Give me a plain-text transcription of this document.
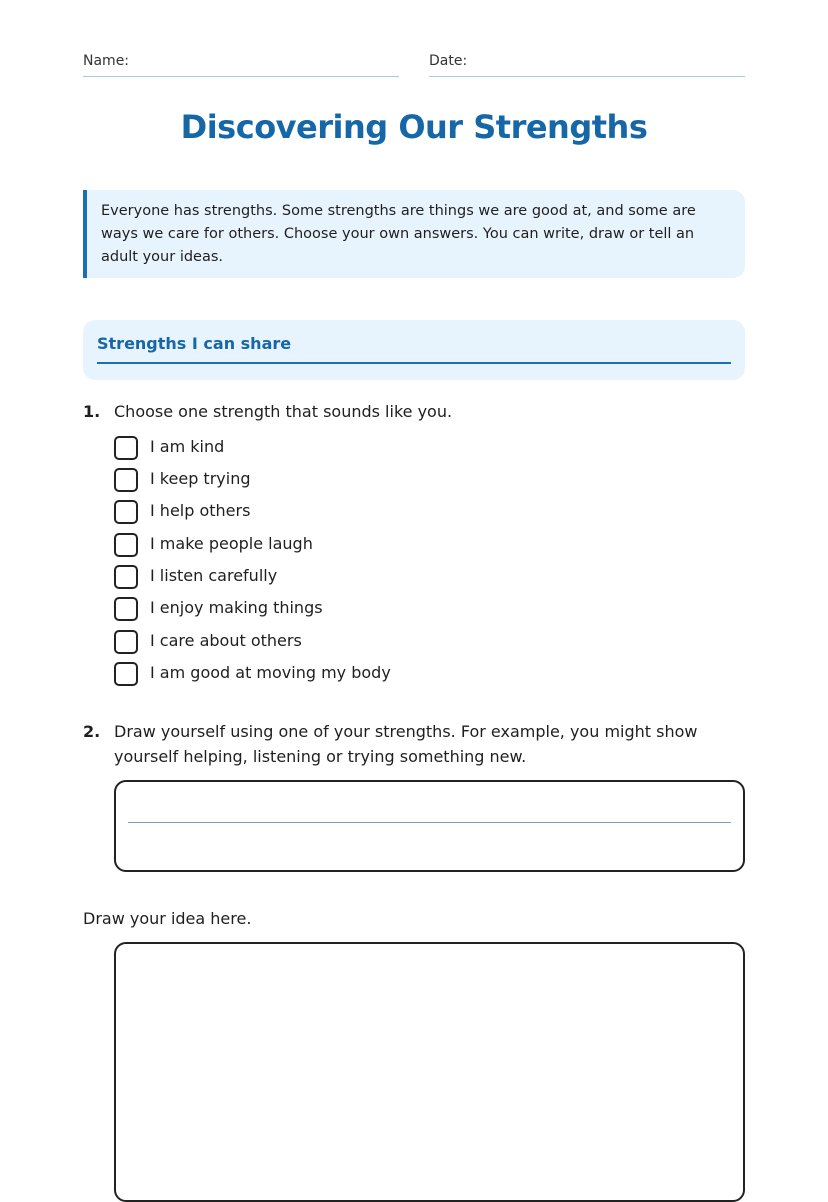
Name:	Date:
Discovering Our Strengths
Everyone has strengths. Some strengths are things we are good at, and some are ways we care for others. Choose your own answers. You can write, draw or tell an adult your ideas.
Strengths I can share
1. Choose one strength that sounds like you.
I am kind
I keep trying
I help others
I make people laugh
I listen carefully
I enjoy making things
I care about others
I am good at moving my body
2. Draw yourself using one of your strengths. For example, you might show yourself helping, listening or trying something new.
Draw your idea here.
